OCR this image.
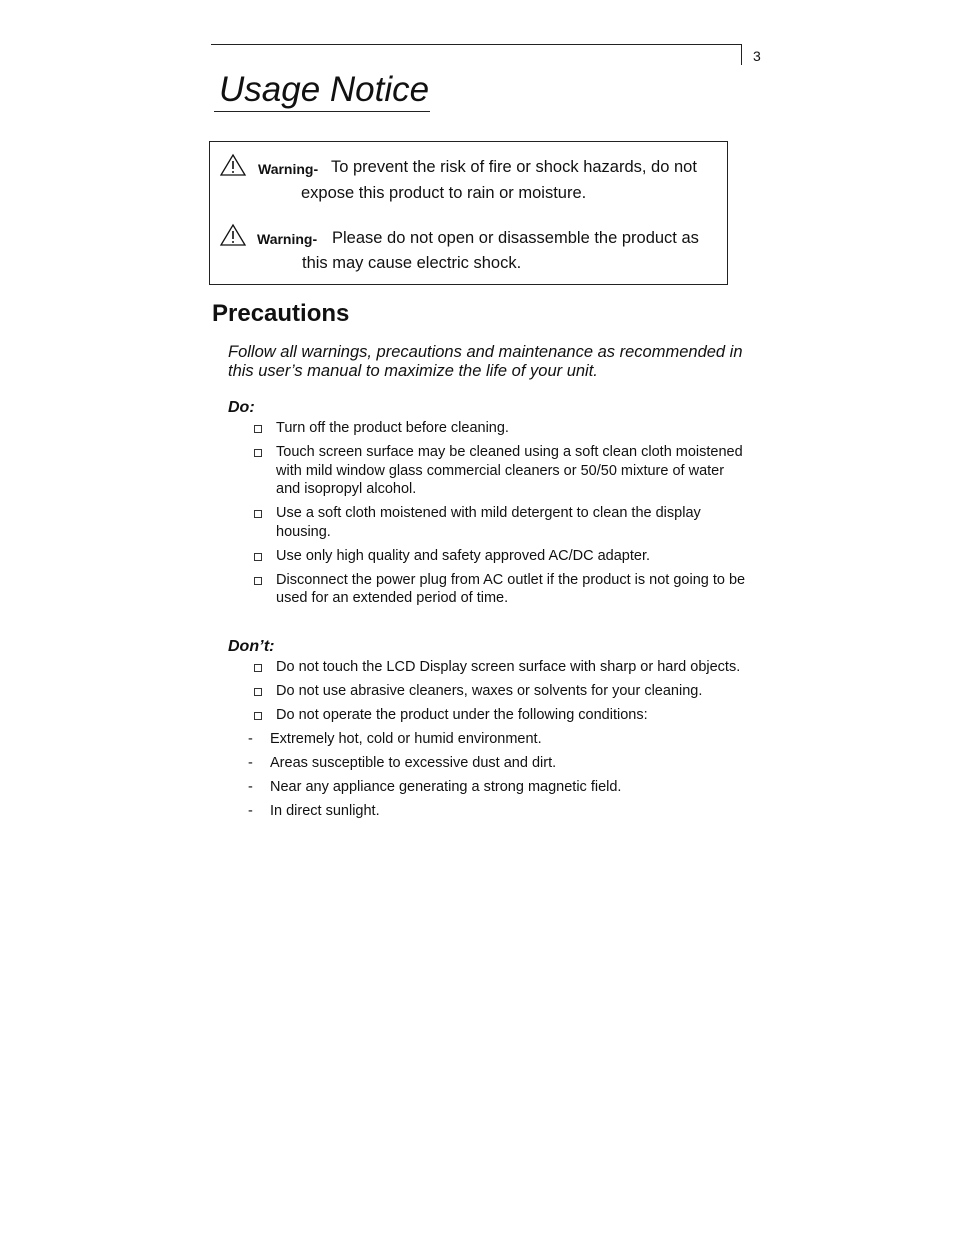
3
Usage Notice
Warning- To prevent the risk of fire or shock hazards, do not
expose this product to rain or moisture.
Warning- Please do not open or disassemble the product as
this may cause electric shock.
Precautions

Follow all warnings, precautions and maintenance as recommended in this user’s manual to maximize the life of your unit.

Do:
Turn off the product before cleaning.
Touch screen surface may be cleaned using a soft clean cloth moistened with mild window glass commercial cleaners or 50/50 mixture of water and isopropyl alcohol.
Use a soft cloth moistened with mild detergent to clean the display housing.
Use only high quality and safety approved AC/DC adapter.
Disconnect the power plug from AC outlet if the product is not going to be used for an extended period of time.
Don’t:
Do not touch the LCD Display screen surface with sharp or hard objects.
Do not use abrasive cleaners, waxes or solvents for your cleaning.
Do not operate the product under the following conditions:
- Extremely hot, cold or humid environment.
- Areas susceptible to excessive dust and dirt.
- Near any appliance generating a strong magnetic field.
- In direct sunlight.
